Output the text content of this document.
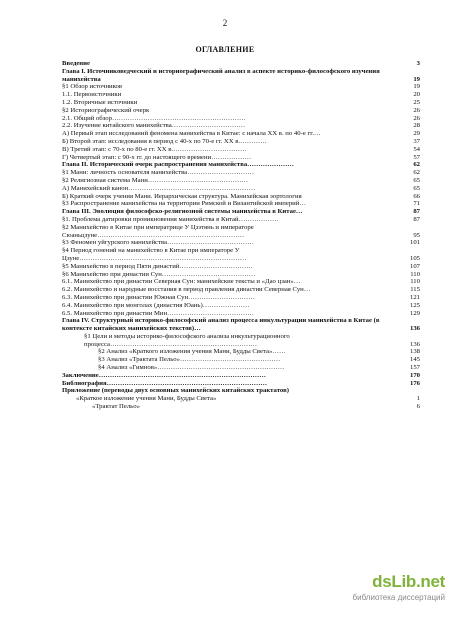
2
ОГЛАВЛЕНИЕ
Введение	3
Глава I. Источниковедческий и историографический анализ в аспекте историко-философского изучения манихейства	19
§1 Обзор источников	19
1.1. Первоисточники	20
1.2. Вторичные источники	25
§2 Историографический очерк	26
2.1. Общий обзор……………………………………………………	26
2.2. Изучение китайского манихейства……………………………	28
А) Первый этап исследований феномена манихейства в Китае: с начала XX в. по 40-е гг.…	29
Б) Второй этап: исследования в период с 40-х по 70-е гг. XX в.…………	37
В) Третий этап: с 70-х по 80-е гг. XX в.……………………………	54
Г) Четвертый этап: с 90-х гг. до настоящего времени………………	57
Глава II. Исторический очерк распространения манихейства…………………	62
§1 Мани: личность основателя манихейства…………………………	62
§2 Религиозная система Мани………………………………………	65
А) Манихейский канон…………………………………………………	65
Б) Краткий очерк учения Мани. Иерархическая структура. Манихейская эортология	66
§3 Распространение манихейства на территории Римской и Византийской империй…	71
Глава III. Эволюция философско-религиозной системы манихейства в Китае…	87
§1. Проблема датировки проникновения манихейства в Китай………………	87
§2 Манихейство в Китае при императрице У Цзэтянь и императоре Сюаньцзуне…………………………………………………………	95
§3 Феномен уйгурского манихейства…………………………………	101
§4 Период гонений на манихейство в Китае при императоре У Цзуне…………………………………………………………………	105
§5 Манихейство в период Пяти династий……………………………	107
§6 Манихейство при династии Сун……………………………………	110
6.1. Манихейство при династии Северная Сун: манихейские тексты и «Дао цзан»…	110
6.2. Манихейство и народные восстания в период правления династии Северная Сун…	115
6.3. Манихейство при династии Южная Сун…………………………	121
6.4. Манихейство при монголах (династия Юань)…………………	125
6.5. Манихейство при династии Мин…………………………………	129
Глава IV. Структурный историко-философский анализ процесса инкультурации манихейства в Китае (в контексте китайских манихейских текстов)…	136
§1 Цели и методы историко-философского анализа инкультурационного процесса…………………………………………………………	136
§2 Анализ «Краткого изложения учения Мани, Будды Света»……	138
§3 Анализ «Трактата Пельо»………………………………………	145
§4 Анализ «Гимнов»…………………………………………………	157
Заключение…………………………………………………………………	170
Библиография………………………………………………………………	176
Приложение (переводы двух основных манихейских китайских трактатов)
«Краткое изложение учения Мани, Будды Света»	1
«Трактат Пельо»	6
dsLib.net
библиотека диссертаций
